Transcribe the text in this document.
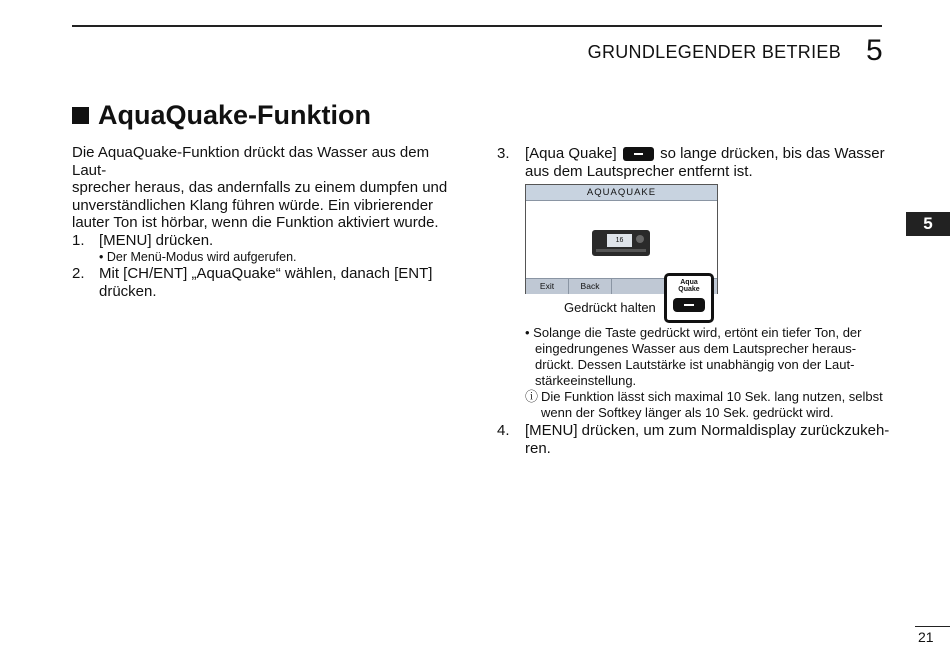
GRUNDLEGENDER BETRIEB 5
5
AquaQuake-Funktion
Die AquaQuake-Funktion drückt das Wasser aus dem Laut-
sprecher heraus, das andernfalls zu einem dumpfen und
unverständlichen Klang führen würde. Ein vibrierender
lauter Ton ist hörbar, wenn die Funktion aktiviert wurde.
1. [MENU] drücken.
• Der Menü-Modus wird aufgerufen.
2. Mit [CH/ENT] „AquaQuake“ wählen, danach [ENT]
drücken.
3. [Aqua Quake]	so lange drücken, bis das Wasser
aus dem Lautsprecher entfernt ist.
AQUAQUAKE
16
Exit	Back	Aqua
Quake
Gedrückt halten
• Solange die Taste gedrückt wird, ertönt ein tiefer Ton, der
eingedrungenes Wasser aus dem Lautsprecher heraus-
drückt. Dessen Lautstärke ist unabhängig von der Laut-
stärkeeinstellung.
ⓘ Die Funktion lässt sich maximal 10 Sek. lang nutzen, selbst
wenn der Softkey länger als 10 Sek. gedrückt wird.
4. [MENU] drücken, um zum Normaldisplay zurückzukeh-
ren.
21
